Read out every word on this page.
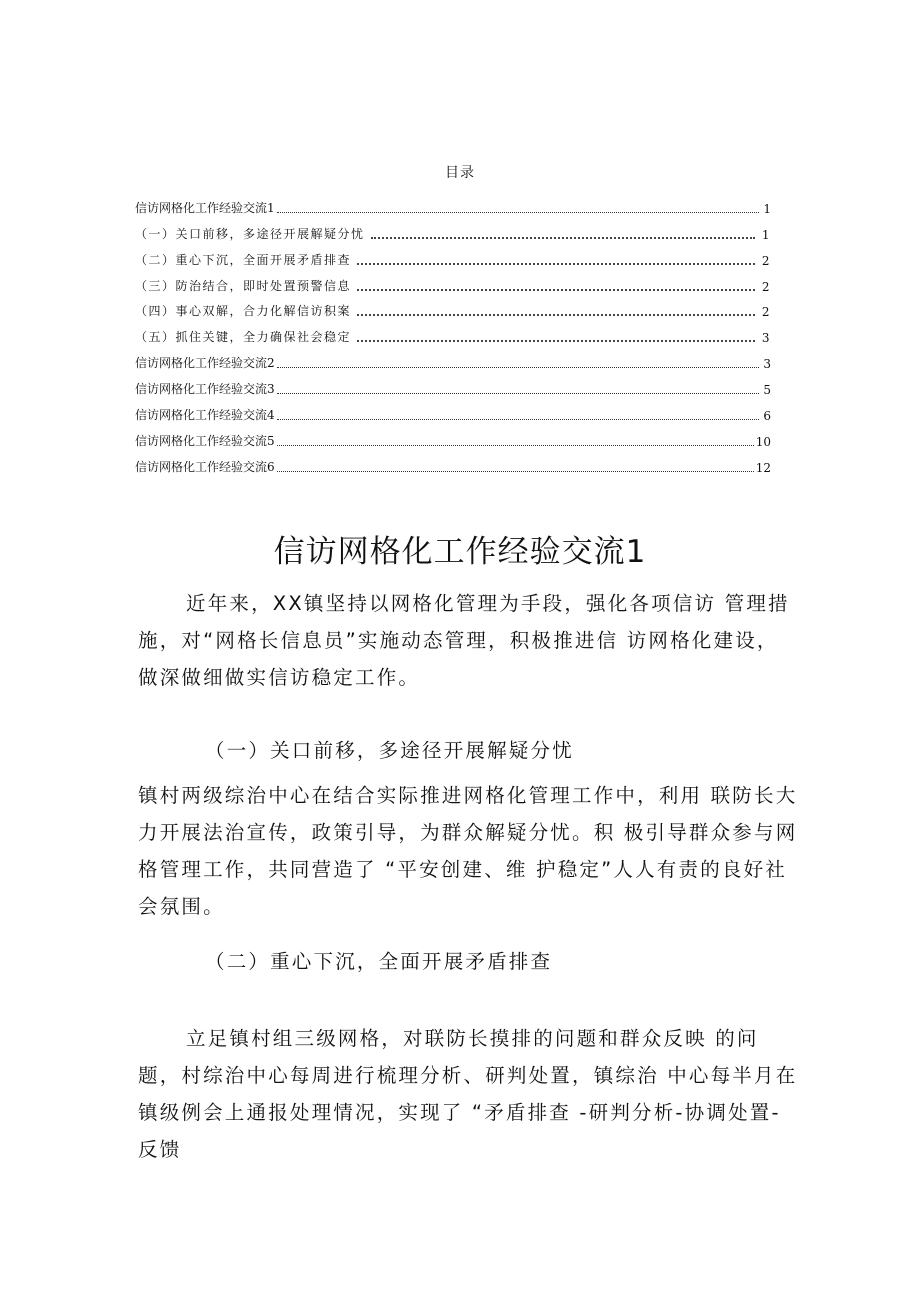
目录
信访网格化工作经验交流1	1
（一）关口前移，多途径开展解疑分忧	1
（二）重心下沉，全面开展矛盾排查	2
（三）防治结合，即时处置预警信息	2
（四）事心双解，合力化解信访积案	2
（五）抓住关键，全力确保社会稳定	3
信访网格化工作经验交流2	3
信访网格化工作经验交流3	5
信访网格化工作经验交流4	6
信访网格化工作经验交流5	10
信访网格化工作经验交流6	12
信访网格化工作经验交流1
近年来，XX镇坚持以网格化管理为手段，强化各项信访 管理措施，对“网格长信息员”实施动态管理，积极推进信 访网格化建设，做深做细做实信访稳定工作。
（一）关口前移，多途径开展解疑分忧
镇村两级综治中心在结合实际推进网格化管理工作中，利用 联防长大力开展法治宣传，政策引导，为群众解疑分忧。积 极引导群众参与网格管理工作，共同营造了 “平安创建、维 护稳定”人人有责的良好社会氛围。
（二）重心下沉，全面开展矛盾排查
立足镇村组三级网格，对联防长摸排的问题和群众反映 的问题，村综治中心每周进行梳理分析、研判处置，镇综治 中心每半月在镇级例会上通报处理情况，实现了 “矛盾排查 -研判分析-协调处置-反馈
